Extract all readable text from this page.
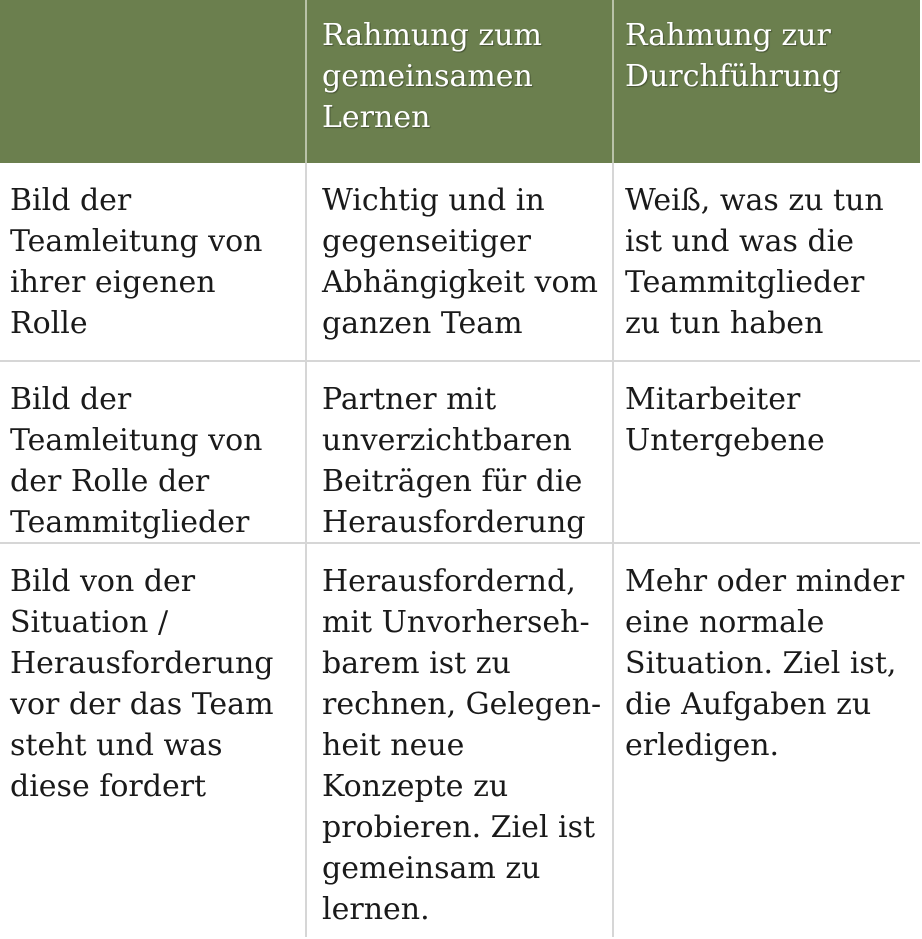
Rahmung zum gemeinsamen Lernen
Rahmung zur Durchführung
Bild der Teamleitung von ihrer eigenen Rolle
Wichtig und in gegenseitiger Abhängigkeit vom ganzen Team
Weiß, was zu tun ist und was die Teammitglieder zu tun haben
Bild der Teamleitung von der Rolle der Teammitglieder
Partner mit unverzichtbaren Beiträgen für die Herausforderung
Mitarbeiter Untergebene
Bild von der Situation / Herausforderung vor der das Team steht und was diese fordert
Herausfordernd, mit Unvorherseh-barem ist zu rechnen, Gelegen-heit neue Konzepte zu probieren. Ziel ist gemeinsam zu lernen.
Mehr oder minder eine normale Situation. Ziel ist, die Aufgaben zu erledigen.
